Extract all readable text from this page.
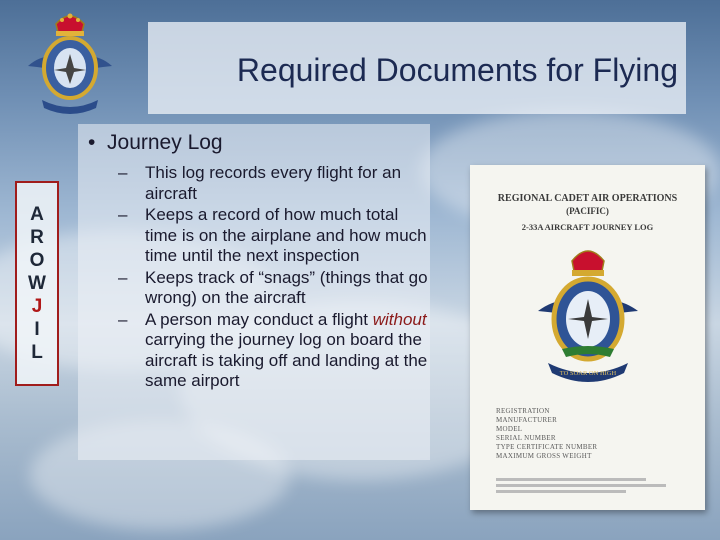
Required Documents for Flying
•  Journey Log
– This log records every flight for an aircraft
– Keeps a record of how much total time is on the airplane and how much time until the next inspection
– Keeps track of “snags” (things that go wrong) on the aircraft
– A person may conduct a flight without carrying the journey log on board the aircraft is taking off and landing at the same airport
A
R
O
W
J
I
L
REGIONAL CADET AIR OPERATIONS
(PACIFIC)
2-33A AIRCRAFT JOURNEY LOG
TO SOAR ON HIGH
REGISTRATION
MANUFACTURER
MODEL
SERIAL NUMBER
TYPE CERTIFICATE NUMBER
MAXIMUM GROSS WEIGHT
